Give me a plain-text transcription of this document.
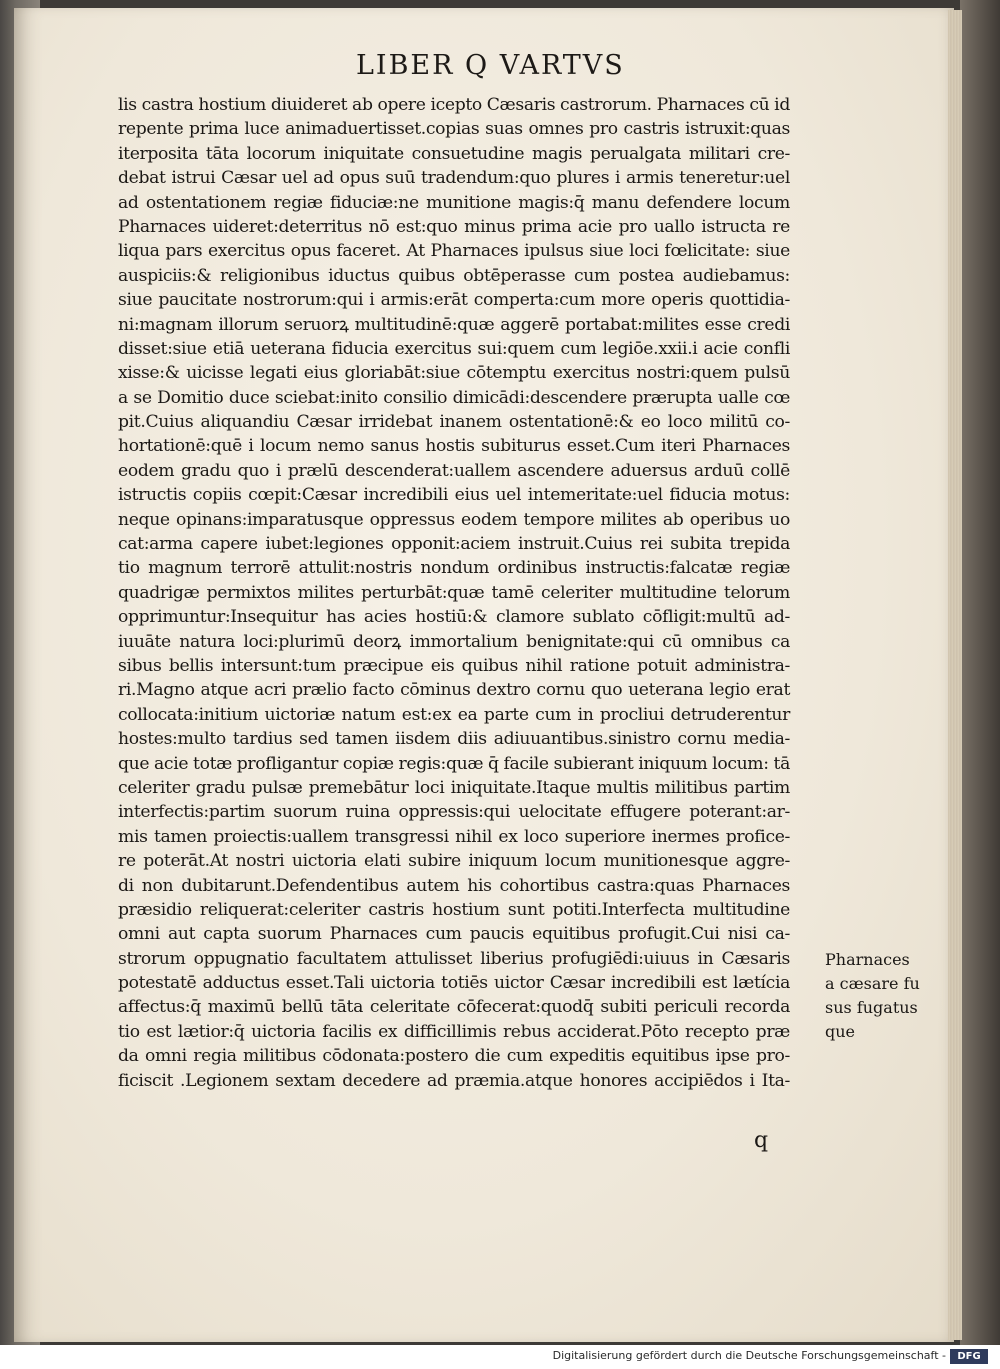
LIBER Q VARTVS
lis castra hostium diuideret ab opere icepto Cæsaris castrorum. Pharnaces cū id
repente prima luce animaduertisset.copias suas omnes pro castris istruxit:quas
iterposita tāta locorum iniquitate consuetudine magis perualgata militari cre-
debat istrui Cæsar uel ad opus suū tradendum:quo plures i armis teneretur:uel
ad ostentationem regiæ fiduciæ:ne munitione magis:q̄ manu defendere locum
Pharnaces uideret:deterritus nō est:quo minus prima acie pro uallo istructa re
liqua pars exercitus opus faceret. At Pharnaces ipulsus siue loci fœlicitate: siue
auspiciis:& religionibus iductus quibus obtēperasse cum postea audiebamus:
siue paucitate nostrorum:qui i armis:erāt comperta:cum more operis quottidia-
ni:magnam illorum seruorꝝ multitudinē:quæ aggerē portabat:milites esse credi
disset:siue etiā ueterana fiducia exercitus sui:quem cum legiōe.xxii.i acie confli
xisse:& uicisse legati eius gloriabāt:siue cōtemptu exercitus nostri:quem pulsū
a se Domitio duce sciebat:inito consilio dimicādi:descendere prærupta ualle cœ
pit.Cuius aliquandiu Cæsar irridebat inanem ostentationē:& eo loco militū co-
hortationē:quē i locum nemo sanus hostis subiturus esset.Cum iteri Pharnaces
eodem gradu quo i prælū descenderat:uallem ascendere aduersus arduū collē
istructis copiis cœpit:Cæsar incredibili eius uel intemeritate:uel fiducia motus:
neque opinans:imparatusque oppressus eodem tempore milites ab operibus uo
cat:arma capere iubet:legiones opponit:aciem instruit.Cuius rei subita trepida
tio magnum terrorē attulit:nostris nondum ordinibus instructis:falcatæ regiæ
quadrigæ permixtos milites perturbāt:quæ tamē celeriter multitudine telorum
opprimuntur:Insequitur has acies hostiū:& clamore sublato cōfligit:multū ad-
iuuāte natura loci:plurimū deorꝝ immortalium benignitate:qui cū omnibus ca
sibus bellis intersunt:tum præcipue eis quibus nihil ratione potuit administra-
ri.Magno atque acri prælio facto cōminus dextro cornu quo ueterana legio erat
collocata:initium uictoriæ natum est:ex ea parte cum in procliui detruderentur
hostes:multo tardius sed tamen iisdem diis adiuuantibus.sinistro cornu media-
que acie totæ profligantur copiæ regis:quæ q̄ facile subierant iniquum locum: tā
celeriter gradu pulsæ premebātur loci iniquitate.Itaque multis militibus partim
interfectis:partim suorum ruina oppressis:qui uelocitate effugere poterant:ar-
mis tamen proiectis:uallem transgressi nihil ex loco superiore inermes profice-
re poterāt.At nostri uictoria elati subire iniquum locum munitionesque aggre-
di non dubitarunt.Defendentibus autem his cohortibus castra:quas Pharnaces
præsidio reliquerat:celeriter castris hostium sunt potiti.Interfecta multitudine
omni aut capta suorum Pharnaces cum paucis equitibus profugit.Cui nisi ca-
strorum oppugnatio facultatem attulisset liberius profugiēdi:uiuus in Cæsaris
potestatē adductus esset.Tali uictoria totiēs uictor Cæsar incredibili est lætícia
affectus:q̄ maximū bellū tāta celeritate cōfecerat:quodq̄ subiti periculi recorda
tio est lætior:q̄ uictoria facilis ex difficillimis rebus acciderat.Pōto recepto præ
da omni regia militibus cōdonata:postero die cum expeditis equitibus ipse pro-
ficiscit .Legionem sextam decedere ad præmia.atque honores accipiēdos i Ita-
Pharnaces
a cæsare fu
sus fugatus
que
q
Digitalisierung gefördert durch die Deutsche Forschungsgemeinschaft -	DFG
